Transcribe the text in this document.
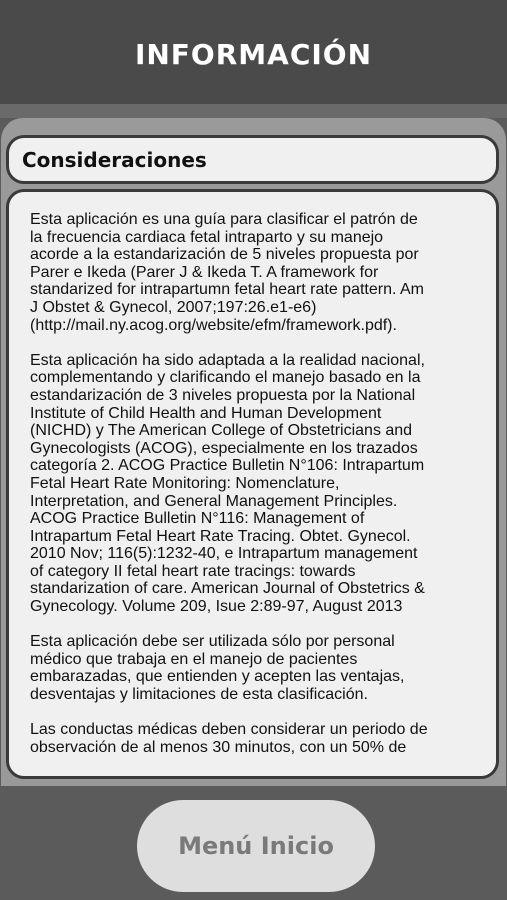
INFORMACIÓN
Consideraciones

Esta aplicación es una guía para clasificar el patrón de
la frecuencia cardiaca fetal intraparto y su manejo
acorde a la estandarización de 5 niveles propuesta por
Parer e Ikeda (Parer J & Ikeda T. A framework for
standarized for intrapartumn fetal heart rate pattern. Am
J Obstet & Gynecol, 2007;197:26.e1-e6)
(http://mail.ny.acog.org/website/efm/framework.pdf).

Esta aplicación ha sido adaptada a la realidad nacional,
complementando y clarificando el manejo basado en la
estandarización de 3 niveles propuesta por la National
Institute of Child Health and Human Development
(NICHD) y The American College of Obstetricians and
Gynecologists (ACOG), especialmente en los trazados
categoría 2. ACOG Practice Bulletin N°106: Intrapartum
Fetal Heart Rate Monitoring: Nomenclature,
Interpretation, and General Management Principles.
ACOG Practice Bulletin N°116: Management of
Intrapartum Fetal Heart Rate Tracing. Obtet. Gynecol.
2010 Nov; 116(5):1232-40, e Intrapartum management
of category II fetal heart rate tracings: towards
standarization of care. American Journal of Obstetrics &
Gynecology. Volume 209, Isue 2:89-97, August 2013

Esta aplicación debe ser utilizada sólo por personal
médico que trabaja en el manejo de pacientes
embarazadas, que entienden y acepten las ventajas,
desventajas y limitaciones de esta clasificación.

Las conductas médicas deben considerar un periodo de
observación de al menos 30 minutos, con un 50% de

Menú Inicio
